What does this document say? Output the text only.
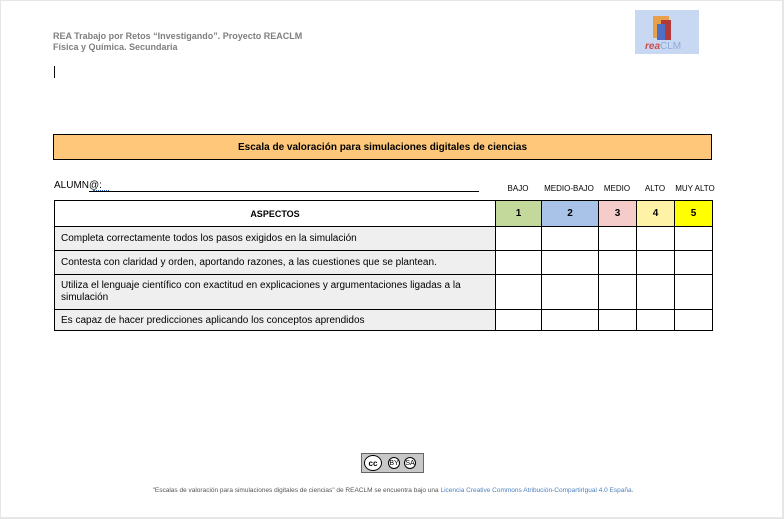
REA Trabajo por Retos “Investigando”. Proyecto REACLM
Física y Química. Secundaria	reaCLM
Escala de valoración para simulaciones digitales de ciencias
ALUMN@:	BAJO	MEDIO-BAJO	MEDIO	ALTO	MUY ALTO
ASPECTOS	1	2	3	4	5
Completa correctamente todos los pasos exigidos en la simulación					
Contesta con claridad y orden, aportando razones, a las cuestiones que se plantean.					
Utiliza el lenguaje científico con exactitud en explicaciones y argumentaciones ligadas a la simulación					
Es capaz de hacer predicciones aplicando los conceptos aprendidos					
cc	BY SA
"Escalas de valoración para simulaciones digitales de ciencias" de REACLM se encuentra bajo una Licencia Creative Commons Atribución-CompartirIgual 4.0 España.
